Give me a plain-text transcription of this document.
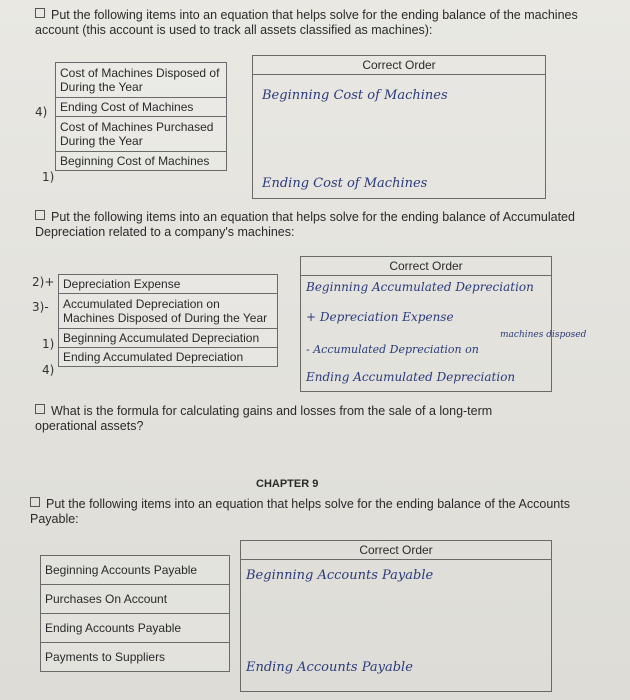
Put the following items into an equation that helps solve for the ending balance of the machines account (this account is used to track all assets classified as machines):
Cost of Machines Disposed of During the Year
Ending Cost of Machines
Cost of Machines Purchased During the Year
Beginning Cost of Machines
4)
1)
Correct Order
Beginning Cost of Machines
Ending Cost of Machines
Put the following items into an equation that helps solve for the ending balance of Accumulated Depreciation related to a company's machines:
Depreciation Expense
Accumulated Depreciation on Machines Disposed of During the Year
Beginning Accumulated Depreciation
Ending Accumulated Depreciation
2)+
3)-
1)
4)
Correct Order
Beginning Accumulated Depreciation
+ Depreciation Expense
- Accumulated Depreciation on
machines disposed
Ending Accumulated Depreciation
What is the formula for calculating gains and losses from the sale of a long-term operational assets?
CHAPTER 9
Put the following items into an equation that helps solve for the ending balance of the Accounts Payable:
Beginning Accounts Payable
Purchases On Account
Ending Accounts Payable
Payments to Suppliers
Correct Order
Beginning Accounts Payable
Ending Accounts Payable
